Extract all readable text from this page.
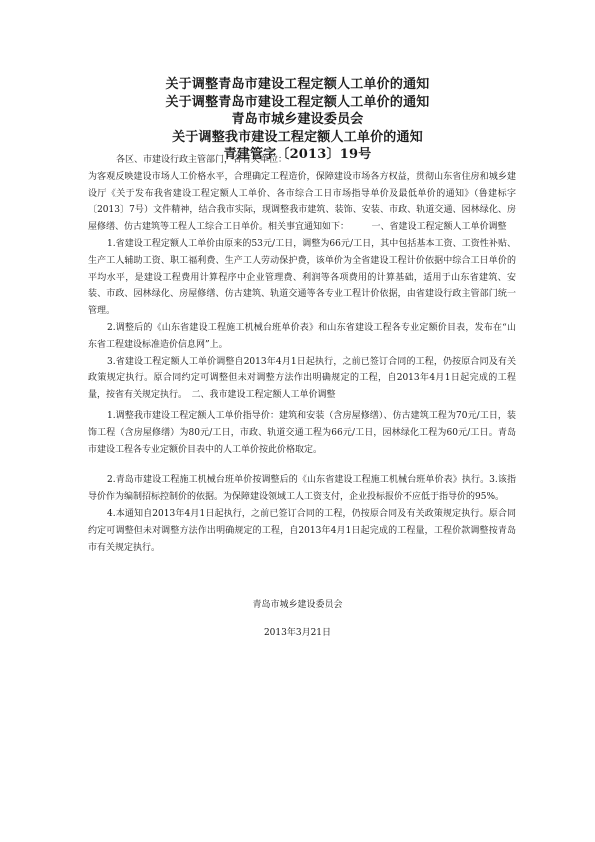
关于调整青岛市建设工程定额人工单价的通知
关于调整青岛市建设工程定额人工单价的通知
青岛市城乡建设委员会
关于调整我市建设工程定额人工单价的通知
青建管字〔2013〕19号

各区、市建设行政主管部门，各有关单位：

为客观反映建设市场人工价格水平，合理确定工程造价，保障建设市场各方权益，贯彻山东省住房和城乡建设厅《关于发布我省建设工程定额人工单价、各市综合工日市场指导单价及最低单价的通知》（鲁建标字〔2013〕7号）文件精神，结合我市实际，现调整我市建筑、装饰、安装、市政、轨道交通、园林绿化、房屋修缮、仿古建筑等工程人工综合工日单价。相关事宜通知如下：　　　一、省建设工程定额人工单价调整

1.省建设工程定额人工单价由原来的53元/工日，调整为66元/工日，其中包括基本工资、工资性补贴、生产工人辅助工资、职工福利费、生产工人劳动保护费，该单价为全省建设工程计价依据中综合工日单价的平均水平，是建设工程费用计算程序中企业管理费、利润等各项费用的计算基础，适用于山东省建筑、安装、市政、园林绿化、房屋修缮、仿古建筑、轨道交通等各专业工程计价依据，由省建设行政主管部门统一管理。

2.调整后的《山东省建设工程施工机械台班单价表》和山东省建设工程各专业定额价目表，发布在“山东省工程建设标准造价信息网”上。

3.省建设工程定额人工单价调整自2013年4月1日起执行，之前已签订合同的工程，仍按原合同及有关政策规定执行。原合同约定可调整但未对调整方法作出明确规定的工程，自2013年4月1日起完成的工程量，按省有关规定执行。　二、我市建设工程定额人工单价调整

1.调整我市建设工程定额人工单价指导价：建筑和安装（含房屋修缮）、仿古建筑工程为70元/工日，装饰工程（含房屋修缮）为80元/工日，市政、轨道交通工程为66元/工日，园林绿化工程为60元/工日。青岛市建设工程各专业定额价目表中的人工单价按此价格取定。

2.青岛市建设工程施工机械台班单价按调整后的《山东省建设工程施工机械台班单价表》执行。3.该指导价作为编制招标控制价的依据。为保障建设领域工人工资支付，企业投标报价不应低于指导价的95%。

4.本通知自2013年4月1日起执行，之前已签订合同的工程，仍按原合同及有关政策规定执行。原合同约定可调整但未对调整方法作出明确规定的工程，自2013年4月1日起完成的工程量，工程价款调整按青岛市有关规定执行。

青岛市城乡建设委员会
2013年3月21日
